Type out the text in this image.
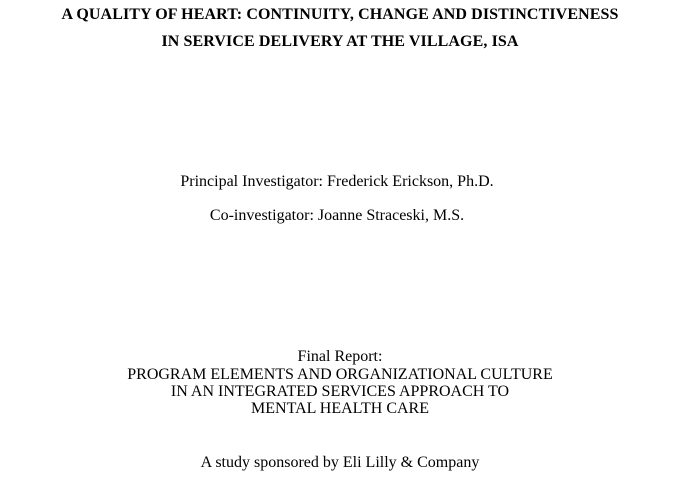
A QUALITY OF HEART: CONTINUITY, CHANGE AND DISTINCTIVENESS
IN SERVICE DELIVERY AT THE VILLAGE, ISA
Principal Investigator: Frederick Erickson, Ph.D.
Co-investigator: Joanne Straceski, M.S.
Final Report:
PROGRAM ELEMENTS AND ORGANIZATIONAL CULTURE
IN AN INTEGRATED SERVICES APPROACH TO
MENTAL HEALTH CARE
A study sponsored by Eli Lilly & Company
